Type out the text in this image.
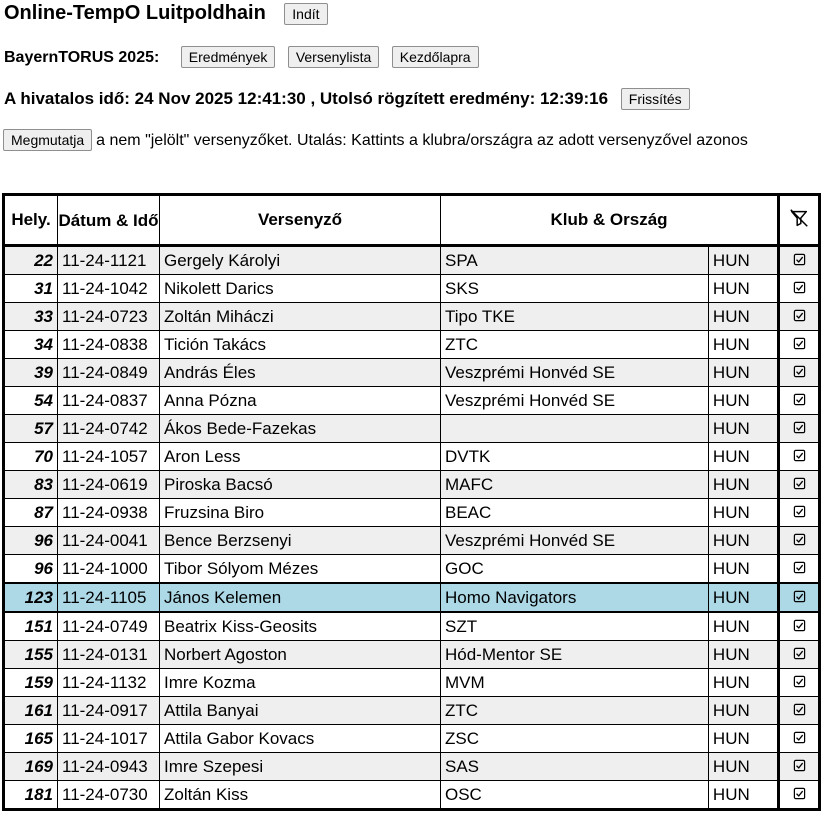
Online-TempO Luitpoldhain Indít
BayernTORUS 2025: Eredmények Versenylista Kezdőlapra
A hivatalos idő: 24 Nov 2025 12:41:30 , Utolsó rögzített eredmény: 12:39:16 Frissítés
Megmutatja a nem "jelölt" versenyzőket. Utalás: Kattints a klubra/országra az adott versenyzővel azonos
Hely.	Dátum & Idő	Versenyző	Klub & Ország	
22	11-24-1121	Gergely Károlyi	SPA	HUN	
31	11-24-1042	Nikolett Darics	SKS	HUN	
33	11-24-0723	Zoltán Miháczi	Tipo TKE	HUN	
34	11-24-0838	Tición Takács	ZTC	HUN	
39	11-24-0849	András Éles	Veszprémi Honvéd SE	HUN	
54	11-24-0837	Anna Pózna	Veszprémi Honvéd SE	HUN	
57	11-24-0742	Ákos Bede-Fazekas		HUN	
70	11-24-1057	Aron Less	DVTK	HUN	
83	11-24-0619	Piroska Bacsó	MAFC	HUN	
87	11-24-0938	Fruzsina Biro	BEAC	HUN	
96	11-24-0041	Bence Berzsenyi	Veszprémi Honvéd SE	HUN	
96	11-24-1000	Tibor Sólyom Mézes	GOC	HUN	
123	11-24-1105	János Kelemen	Homo Navigators	HUN	
151	11-24-0749	Beatrix Kiss-Geosits	SZT	HUN	
155	11-24-0131	Norbert Agoston	Hód-Mentor SE	HUN	
159	11-24-1132	Imre Kozma	MVM	HUN	
161	11-24-0917	Attila Banyai	ZTC	HUN	
165	11-24-1017	Attila Gabor Kovacs	ZSC	HUN	
169	11-24-0943	Imre Szepesi	SAS	HUN	
181	11-24-0730	Zoltán Kiss	OSC	HUN	
